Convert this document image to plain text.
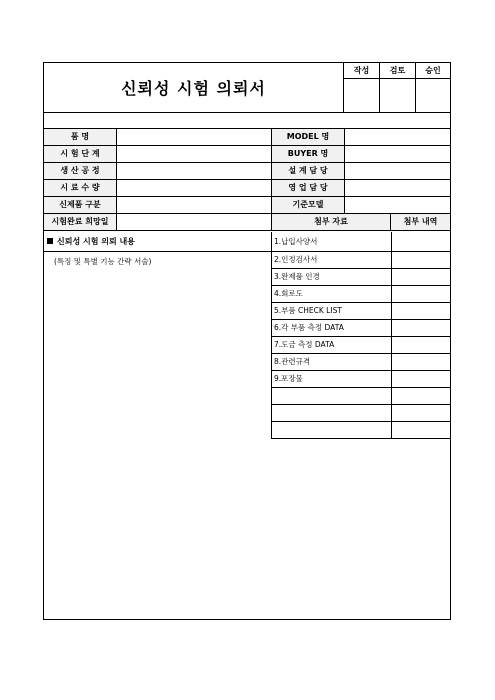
신뢰성 시험 의뢰서
작성	검토	승인
품 명	MODEL 명
시 험 단 계	BUYER 명
생 산 공 정	설 계 담 당
시 료 수 량	영 업 담 당
신제품 구분	기준모델
시험완료 희망일	첨부 자료	첨부 내역
신뢰성 시험 의뢰 내용
(특징 및 특별 기능 간략 서술)
1.납입사양서
2.인정검사서
3.완제품 인경
4.회로도
5.부품 CHECK LIST
6.각 부품 측정 DATA
7.도금 측정 DATA
8.관련규격
9.포장물
